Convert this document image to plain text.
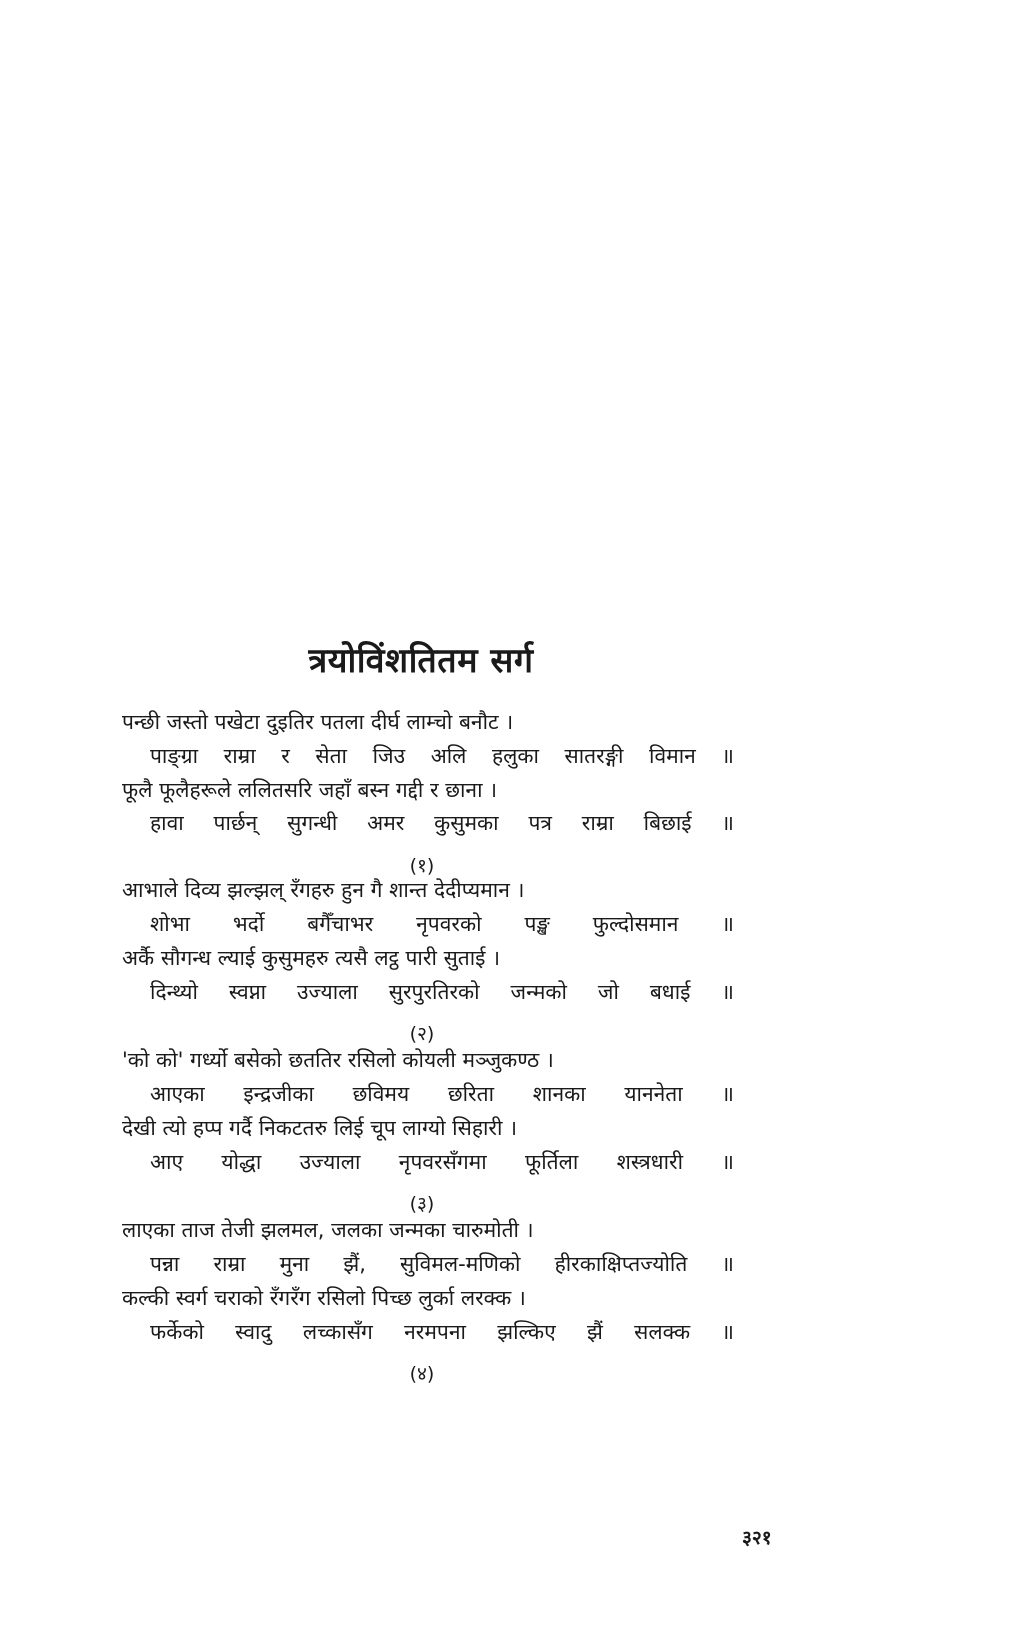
त्रयोविंशतितम सर्ग
पन्छी जस्तो पखेटा दुइतिर पतला दीर्घ लाम्चो बनौट ।
पाङ्ग्रा राम्रा र सेता जिउ अलि हलुका सातरङ्गी विमान ॥
फूलै फूलैहरूले ललितसरि जहाँ बस्न गद्दी र छाना ।
हावा पार्छन् सुगन्धी अमर कुसुमका पत्र राम्रा बिछाई ॥
(१)
आभाले दिव्य झल्झल् रँगहरु हुन गै शान्त देदीप्यमान ।
शोभा भर्दो बगैँचाभर नृपवरको पङ्ख फुल्दोसमान ॥
अर्कै सौगन्ध ल्याई कुसुमहरु त्यसै लट्ठ पारी सुताई ।
दिन्थ्यो स्वप्ना उज्याला सुरपुरतिरको जन्मको जो बधाई ॥
(२)
'को को' गर्ध्यो बसेको छततिर रसिलो कोयली मञ्जुकण्ठ ।
आएका इन्द्रजीका छविमय छरिता शानका याननेता ॥
देखी त्यो हप्प गर्दै निकटतरु लिई चूप लाग्यो सिहारी ।
आए योद्धा उज्याला नृपवरसँगमा फूर्तिला शस्त्रधारी ॥
(३)
लाएका ताज तेजी झलमल, जलका जन्मका चारुमोती ।
पन्ना राम्रा मुना झैं, सुविमल-मणिको हीरकाक्षिप्तज्योति ॥
कल्की स्वर्ग चराको रँगरँग रसिलो पिच्छ लुर्का लरक्क ।
फर्केको स्वादु लच्कासँग नरमपना झल्किए झैं सलक्क ॥
(४)
३२१
